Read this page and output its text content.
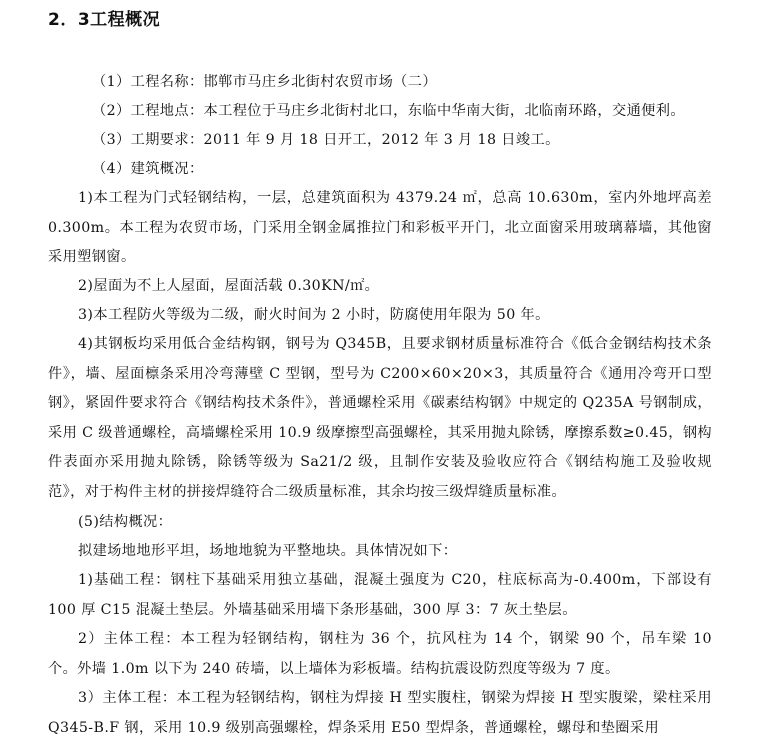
2．3工程概况

（1）工程名称：邯郸市马庄乡北街村农贸市场（二）

（2）工程地点：本工程位于马庄乡北街村北口，东临中华南大街，北临南环路，交通便利。

（3）工期要求：2011 年 9 月 18 日开工，2012 年 3 月 18 日竣工。

（4）建筑概况：

1)本工程为门式轻钢结构，一层，总建筑面积为 4379.24 ㎡，总高 10.630m，室内外地坪高差 0.300m。本工程为农贸市场，门采用全钢金属推拉门和彩板平开门，北立面窗采用玻璃幕墙，其他窗采用塑钢窗。

2)屋面为不上人屋面，屋面活载 0.30KN/㎡。

3)本工程防火等级为二级，耐火时间为 2 小时，防腐使用年限为 50 年。

4)其钢板均采用低合金结构钢，钢号为 Q345B，且要求钢材质量标准符合《低合金钢结构技术条件》，墙、屋面檩条采用冷弯薄壁 C 型钢，型号为 C200×60×20×3，其质量符合《通用冷弯开口型钢》，紧固件要求符合《钢结构技术条件》，普通螺栓采用《碳素结构钢》中规定的 Q235A 号钢制成，采用 C 级普通螺栓，高墙螺栓采用 10.9 级摩擦型高强螺栓，其采用抛丸除锈，摩擦系数≥0.45，钢构件表面亦采用抛丸除锈，除锈等级为 Sa21/2 级，且制作安装及验收应符合《钢结构施工及验收规范》，对于构件主材的拼接焊缝符合二级质量标准，其余均按三级焊缝质量标准。

(5)结构概况：

拟建场地地形平坦，场地地貌为平整地块。具体情况如下：

1)基础工程：钢柱下基础采用独立基础，混凝土强度为 C20，柱底标高为-0.400m，下部设有 100 厚 C15 混凝土垫层。外墙基础采用墙下条形基础，300 厚 3：7 灰土垫层。

2）主体工程：本工程为轻钢结构，钢柱为 36 个，抗风柱为 14 个，钢梁 90 个，吊车梁 10 个。外墙 1.0m 以下为 240 砖墙，以上墙体为彩板墙。结构抗震设防烈度等级为 7 度。

3）主体工程：本工程为轻钢结构，钢柱为焊接 H 型实腹柱，钢梁为焊接 H 型实腹梁，梁柱采用 Q345-B.F 钢，采用 10.9 级别高强螺栓，焊条采用 E50 型焊条，普通螺栓，螺母和垫圈采用
